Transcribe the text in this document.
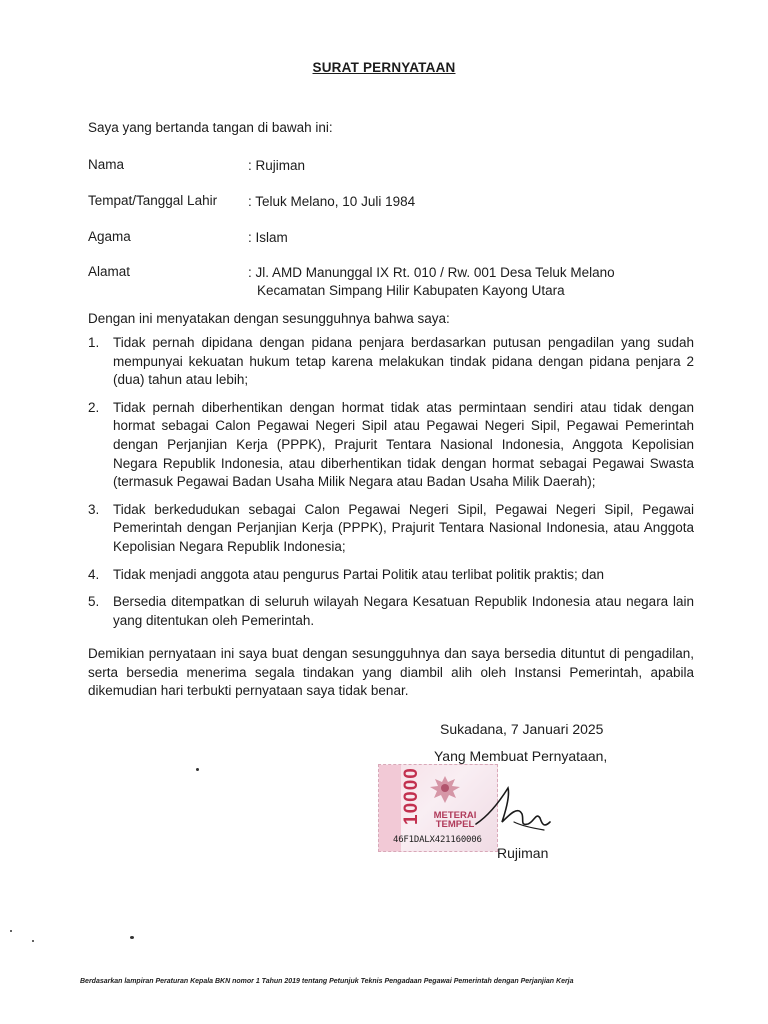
SURAT PERNYATAAN
Saya yang bertanda tangan di bawah ini:
Nama	: Rujiman
Tempat/Tanggal Lahir : Teluk Melano, 10 Juli 1984
Agama	: Islam
Alamat	: Jl. AMD Manunggal IX Rt. 010 / Rw. 001 Desa Teluk Melano
Kecamatan Simpang Hilir Kabupaten Kayong Utara
Dengan ini menyatakan dengan sesungguhnya bahwa saya:
1.	Tidak pernah dipidana dengan pidana penjara berdasarkan putusan pengadilan yang sudah mempunyai kekuatan hukum tetap karena melakukan tindak pidana dengan pidana penjara 2 (dua) tahun atau lebih;
2.	Tidak pernah diberhentikan dengan hormat tidak atas permintaan sendiri atau tidak dengan hormat sebagai Calon Pegawai Negeri Sipil atau Pegawai Negeri Sipil, Pegawai Pemerintah dengan Perjanjian Kerja (PPPK), Prajurit Tentara Nasional Indonesia, Anggota Kepolisian Negara Republik Indonesia, atau diberhentikan tidak dengan hormat sebagai Pegawai Swasta (termasuk Pegawai Badan Usaha Milik Negara atau Badan Usaha Milik Daerah);
3.	Tidak berkedudukan sebagai Calon Pegawai Negeri Sipil, Pegawai Negeri Sipil, Pegawai Pemerintah dengan Perjanjian Kerja (PPPK), Prajurit Tentara Nasional Indonesia, atau Anggota Kepolisian Negara Republik Indonesia;
4.	Tidak menjadi anggota atau pengurus Partai Politik atau terlibat politik praktis; dan
5.	Bersedia ditempatkan di seluruh wilayah Negara Kesatuan Republik Indonesia atau negara lain yang ditentukan oleh Pemerintah.
Demikian pernyataan ini saya buat dengan sesungguhnya dan saya bersedia dituntut di pengadilan, serta bersedia menerima segala tindakan yang diambil alih oleh Instansi Pemerintah, apabila dikemudian hari terbukti pernyataan saya tidak benar.
Sukadana, 7 Januari 2025
Yang Membuat Pernyataan,
10000	METERAI
TEMPEL
46F1DALX421160006
Rujiman
Berdasarkan lampiran Peraturan Kepala BKN nomor 1 Tahun 2019 tentang Petunjuk Teknis Pengadaan Pegawai Pemerintah dengan Perjanjian Kerja
